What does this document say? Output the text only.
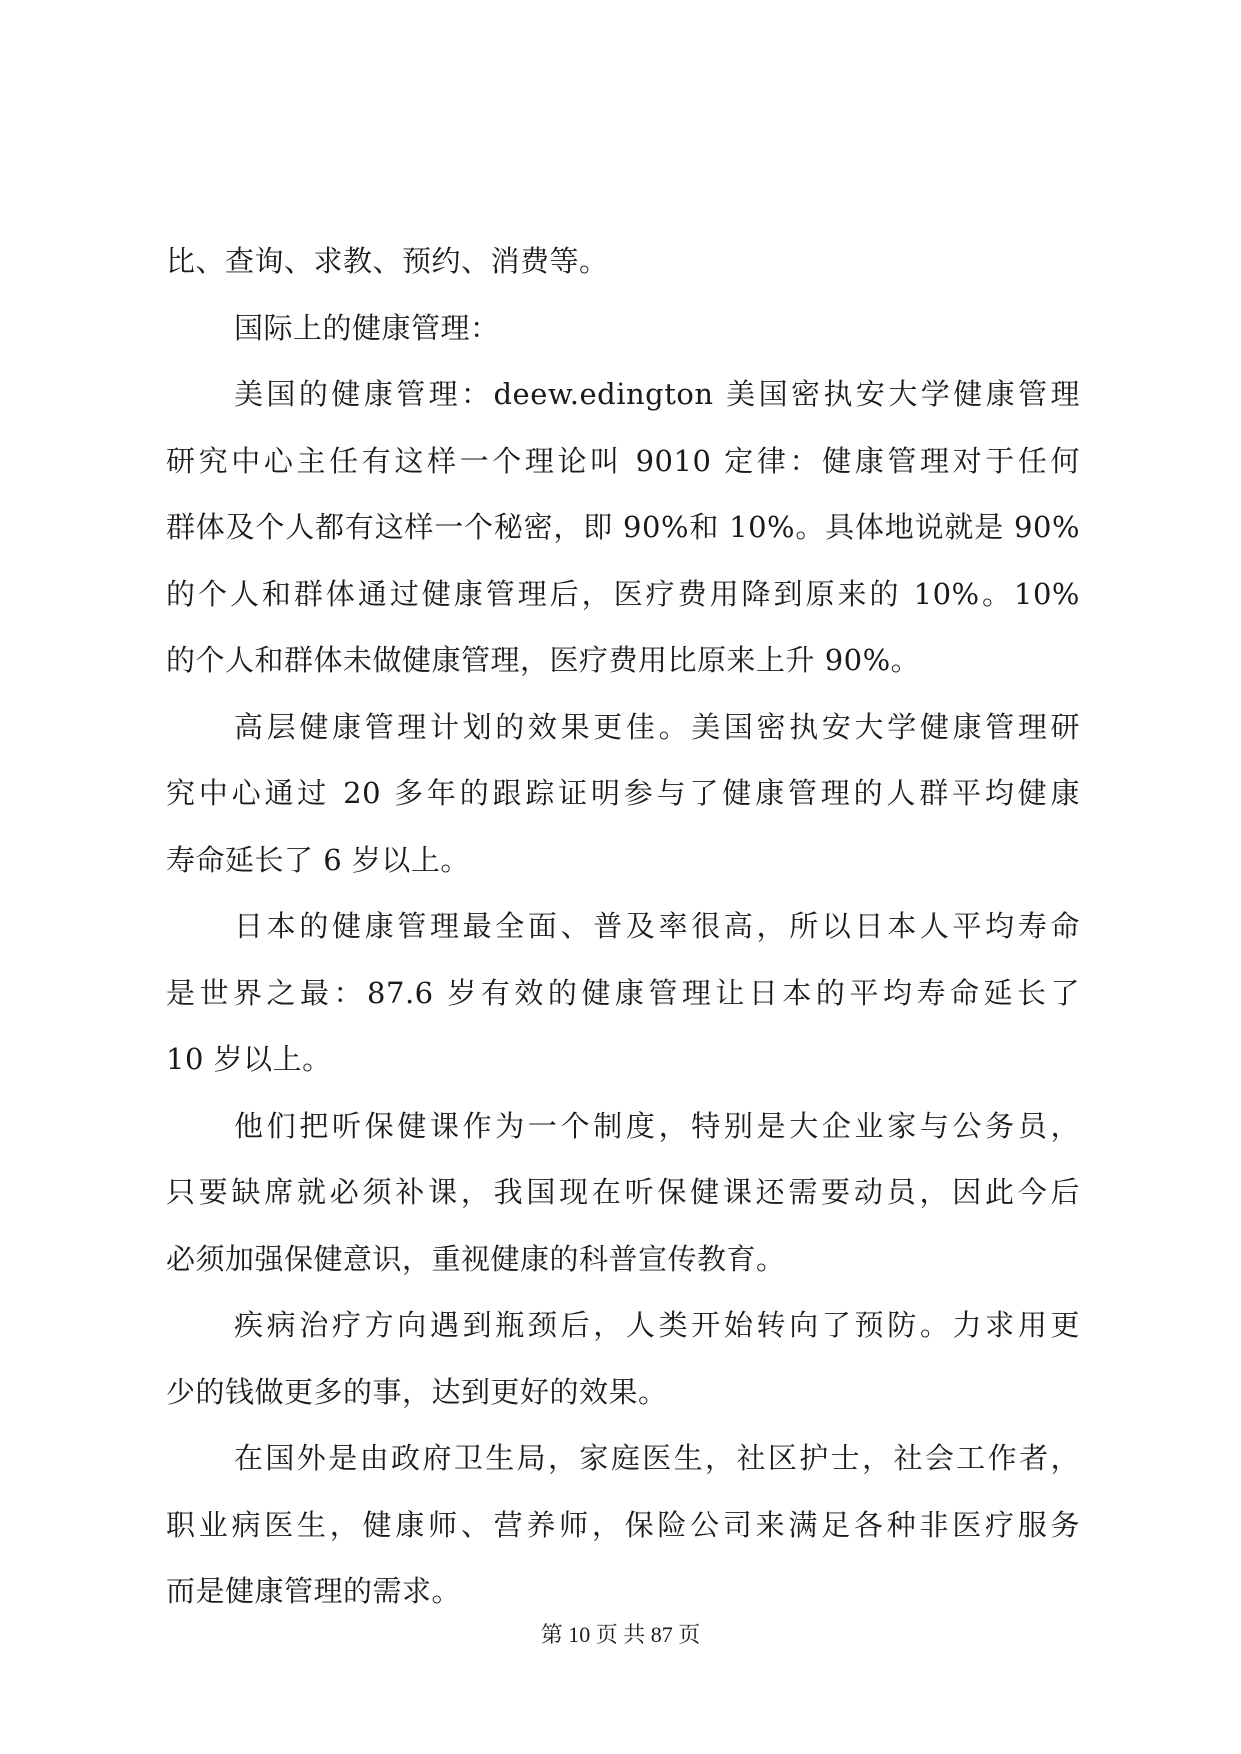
比、查询、求教、预约、消费等。
国际上的健康管理：
美国的健康管理：deew.edington 美国密执安大学健康管理
研究中心主任有这样一个理论叫 9010 定律：健康管理对于任何
群体及个人都有这样一个秘密，即 90%和 10%。具体地说就是 90%
的个人和群体通过健康管理后，医疗费用降到原来的 10%。10%
的个人和群体未做健康管理，医疗费用比原来上升 90%。
高层健康管理计划的效果更佳。美国密执安大学健康管理研
究中心通过 20 多年的跟踪证明参与了健康管理的人群平均健康
寿命延长了 6 岁以上。
日本的健康管理最全面、普及率很高，所以日本人平均寿命
是世界之最：87.6 岁有效的健康管理让日本的平均寿命延长了
10 岁以上。
他们把听保健课作为一个制度，特别是大企业家与公务员，
只要缺席就必须补课，我国现在听保健课还需要动员，因此今后
必须加强保健意识，重视健康的科普宣传教育。
疾病治疗方向遇到瓶颈后，人类开始转向了预防。力求用更
少的钱做更多的事，达到更好的效果。
在国外是由政府卫生局，家庭医生，社区护士，社会工作者，
职业病医生，健康师、营养师，保险公司来满足各种非医疗服务
而是健康管理的需求。
第 10 页 共 87 页
